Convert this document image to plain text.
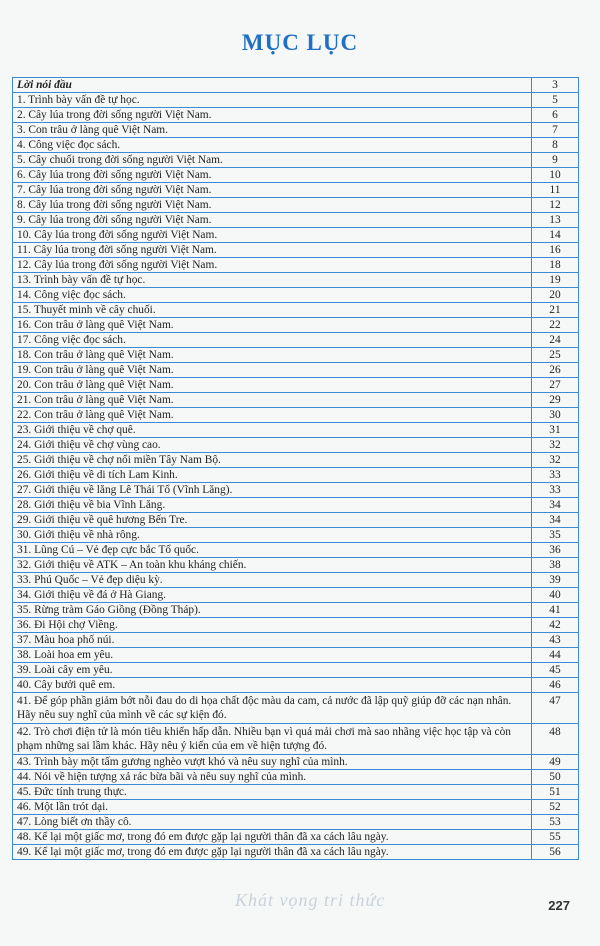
MỤC LỤC
Lời nói đầu	3
1. Trình bày vấn đề tự học.	5
2. Cây lúa trong đời sống người Việt Nam.	6
3. Con trâu ở làng quê Việt Nam.	7
4. Công việc đọc sách.	8
5. Cây chuối trong đời sống người Việt Nam.	9
6. Cây lúa trong đời sống người Việt Nam.	10
7. Cây lúa trong đời sống người Việt Nam.	11
8. Cây lúa trong đời sống người Việt Nam.	12
9. Cây lúa trong đời sống người Việt Nam.	13
10. Cây lúa trong đời sống người Việt Nam.	14
11. Cây lúa trong đời sống người Việt Nam.	16
12. Cây lúa trong đời sống người Việt Nam.	18
13. Trình bày vấn đề tự học.	19
14. Công việc đọc sách.	20
15. Thuyết minh về cây chuối.	21
16. Con trâu ở làng quê Việt Nam.	22
17. Công việc đọc sách.	24
18. Con trâu ở làng quê Việt Nam.	25
19. Con trâu ở làng quê Việt Nam.	26
20. Con trâu ở làng quê Việt Nam.	27
21. Con trâu ở làng quê Việt Nam.	29
22. Con trâu ở làng quê Việt Nam.	30
23. Giới thiệu về chợ quê.	31
24. Giới thiệu về chợ vùng cao.	32
25. Giới thiệu về chợ nổi miền Tây Nam Bộ.	32
26. Giới thiệu về di tích Lam Kinh.	33
27. Giới thiệu về lăng Lê Thái Tổ (Vĩnh Lăng).	33
28. Giới thiệu về bia Vĩnh Lăng.	34
29. Giới thiệu về quê hương Bến Tre.	34
30. Giới thiệu về nhà rông.	35
31. Lũng Cú – Vẻ đẹp cực bắc Tổ quốc.	36
32. Giới thiệu về ATK – An toàn khu kháng chiến.	38
33. Phú Quốc – Vẻ đẹp diệu kỳ.	39
34. Giới thiệu về đá ở Hà Giang.	40
35. Rừng tràm Gáo Giồng (Đồng Tháp).	41
36. Đi Hội chợ Viềng.	42
37. Màu hoa phố núi.	43
38. Loài hoa em yêu.	44
39. Loài cây em yêu.	45
40. Cây bưởi quê em.	46
41. Để góp phần giảm bớt nỗi đau do di họa chất độc màu da cam, cả nước đã lập quỹ giúp đỡ các nạn nhân. Hãy nêu suy nghĩ của mình về các sự kiện đó.	47
42. Trò chơi điện tử là món tiêu khiển hấp dẫn. Nhiều bạn vì quá mải chơi mà sao nhãng việc học tập và còn phạm những sai lầm khác. Hãy nêu ý kiến của em về hiện tượng đó.	48
43. Trình bày một tấm gương nghèo vượt khó và nêu suy nghĩ của mình.	49
44. Nói về hiện tượng xả rác bừa bãi và nêu suy nghĩ của mình.	50
45. Đức tính trung thực.	51
46. Một lần trót dại.	52
47. Lòng biết ơn thầy cô.	53
48. Kể lại một giấc mơ, trong đó em được gặp lại người thân đã xa cách lâu ngày.	55
49. Kể lại một giấc mơ, trong đó em được gặp lại người thân đã xa cách lâu ngày.	56
Khát vọng tri thức	227
